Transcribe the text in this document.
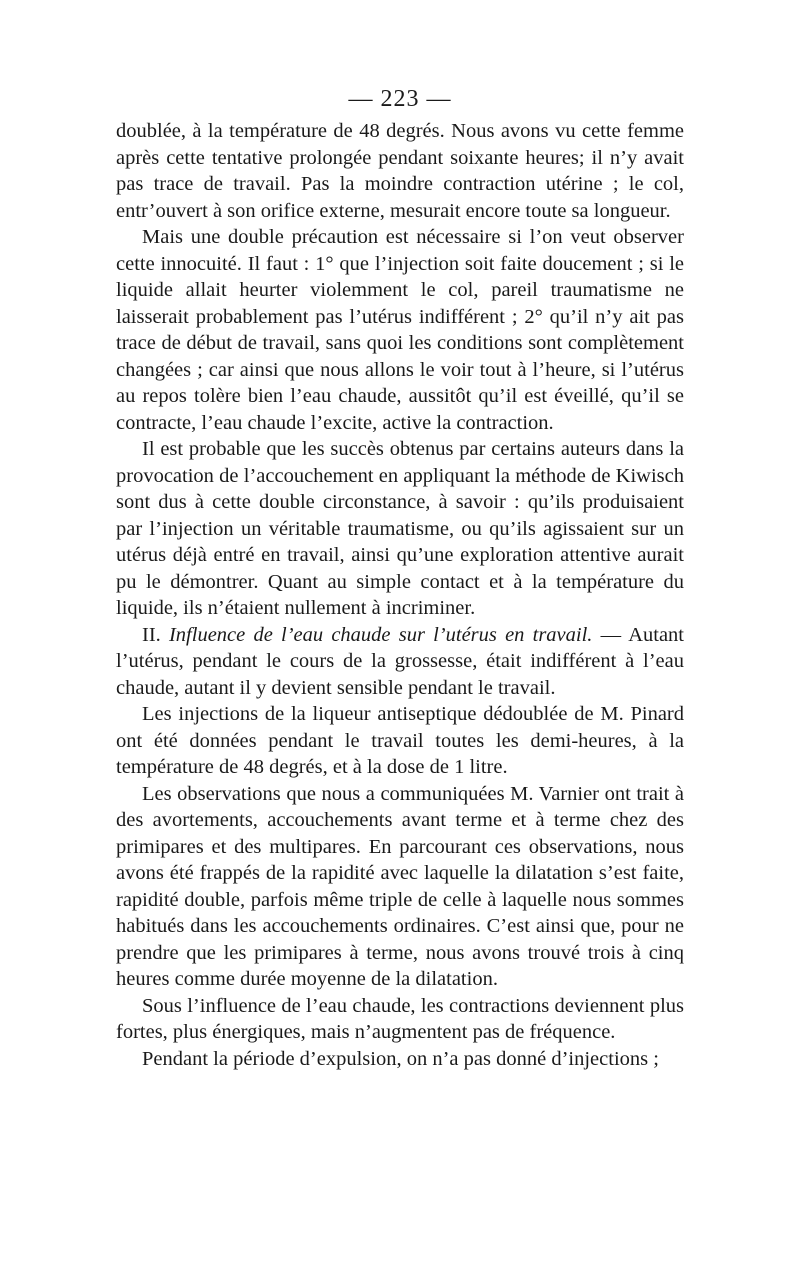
— 223 —

doublée, à la température de 48 degrés. Nous avons vu cette femme après cette tentative prolongée pendant soixante heures; il n’y avait pas trace de travail. Pas la moindre contraction utérine ; le col, entr’ouvert à son orifice externe, mesurait encore toute sa longueur.

Mais une double précaution est nécessaire si l’on veut observer cette innocuité. Il faut : 1° que l’injection soit faite doucement ; si le liquide allait heurter violemment le col, pareil traumatisme ne laisserait probablement pas l’utérus indifférent ; 2° qu’il n’y ait pas trace de début de travail, sans quoi les conditions sont complètement changées ; car ainsi que nous allons le voir tout à l’heure, si l’utérus au repos tolère bien l’eau chaude, aussitôt qu’il est éveillé, qu’il se contracte, l’eau chaude l’excite, active la contraction.

Il est probable que les succès obtenus par certains auteurs dans la provocation de l’accouchement en appliquant la méthode de Kiwisch sont dus à cette double circonstance, à savoir : qu’ils produisaient par l’injection un véritable traumatisme, ou qu’ils agissaient sur un utérus déjà entré en travail, ainsi qu’une exploration attentive aurait pu le démontrer. Quant au simple contact et à la température du liquide, ils n’étaient nullement à incriminer.

II. Influence de l’eau chaude sur l’utérus en travail. — Autant l’utérus, pendant le cours de la grossesse, était indifférent à l’eau chaude, autant il y devient sensible pendant le travail.

Les injections de la liqueur antiseptique dédoublée de M. Pinard ont été données pendant le travail toutes les demi-heures, à la température de 48 degrés, et à la dose de 1 litre.

Les observations que nous a communiquées M. Varnier ont trait à des avortements, accouchements avant terme et à terme chez des primipares et des multipares. En parcourant ces observations, nous avons été frappés de la rapidité avec laquelle la dilatation s’est faite, rapidité double, parfois même triple de celle à laquelle nous sommes habitués dans les accouchements ordinaires. C’est ainsi que, pour ne prendre que les primipares à terme, nous avons trouvé trois à cinq heures comme durée moyenne de la dilatation.

Sous l’influence de l’eau chaude, les contractions deviennent plus fortes, plus énergiques, mais n’augmentent pas de fréquence.

Pendant la période d’expulsion, on n’a pas donné d’injections ;
